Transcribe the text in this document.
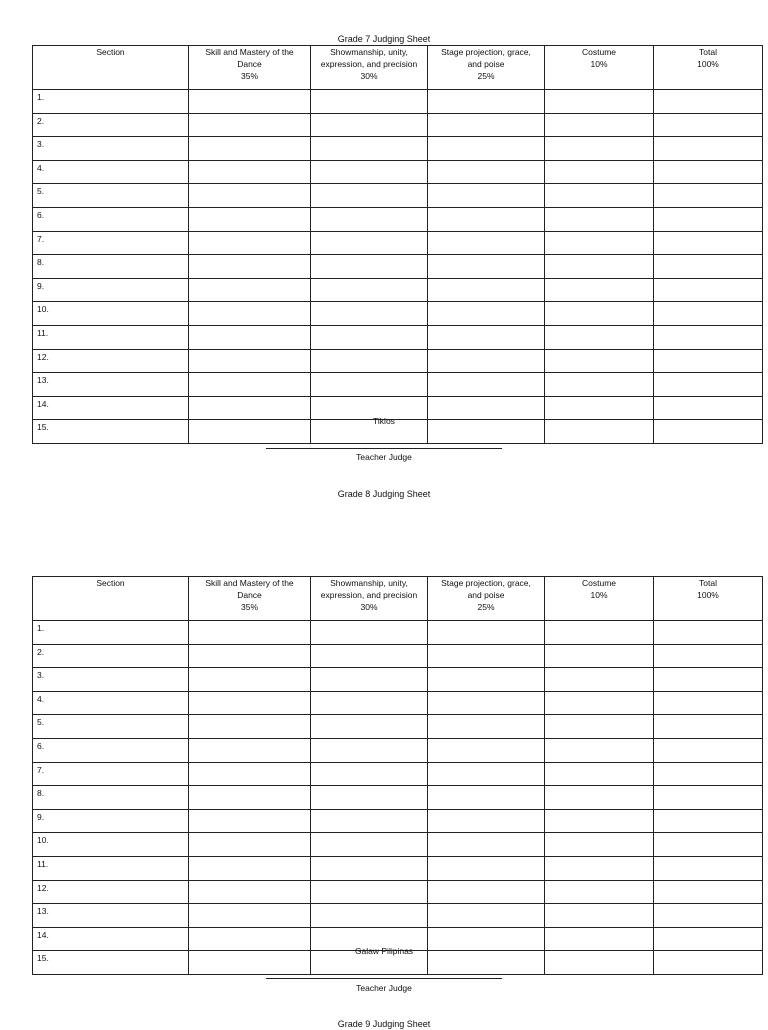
Grade 7 Judging Sheet
Section	Skill and Mastery of the
Dance
35%	Showmanship, unity,
expression, and precision
30%	Stage projection, grace,
and poise
25%	Costume
10%	Total
100%

1.					
2.					
3.					
4.					
5.					
6.					
7.					
8.					
9.					
10.					
11.					
12.					
13.					
14.					
15.					
Tiklos
Teacher Judge
Grade 8 Judging Sheet
Section	Skill and Mastery of the
Dance
35%	Showmanship, unity,
expression, and precision
30%	Stage projection, grace,
and poise
25%	Costume
10%	Total
100%

1.					
2.					
3.					
4.					
5.					
6.					
7.					
8.					
9.					
10.					
11.					
12.					
13.					
14.					
15.					
Galaw Pilipinas
Teacher Judge
Grade 9 Judging Sheet
